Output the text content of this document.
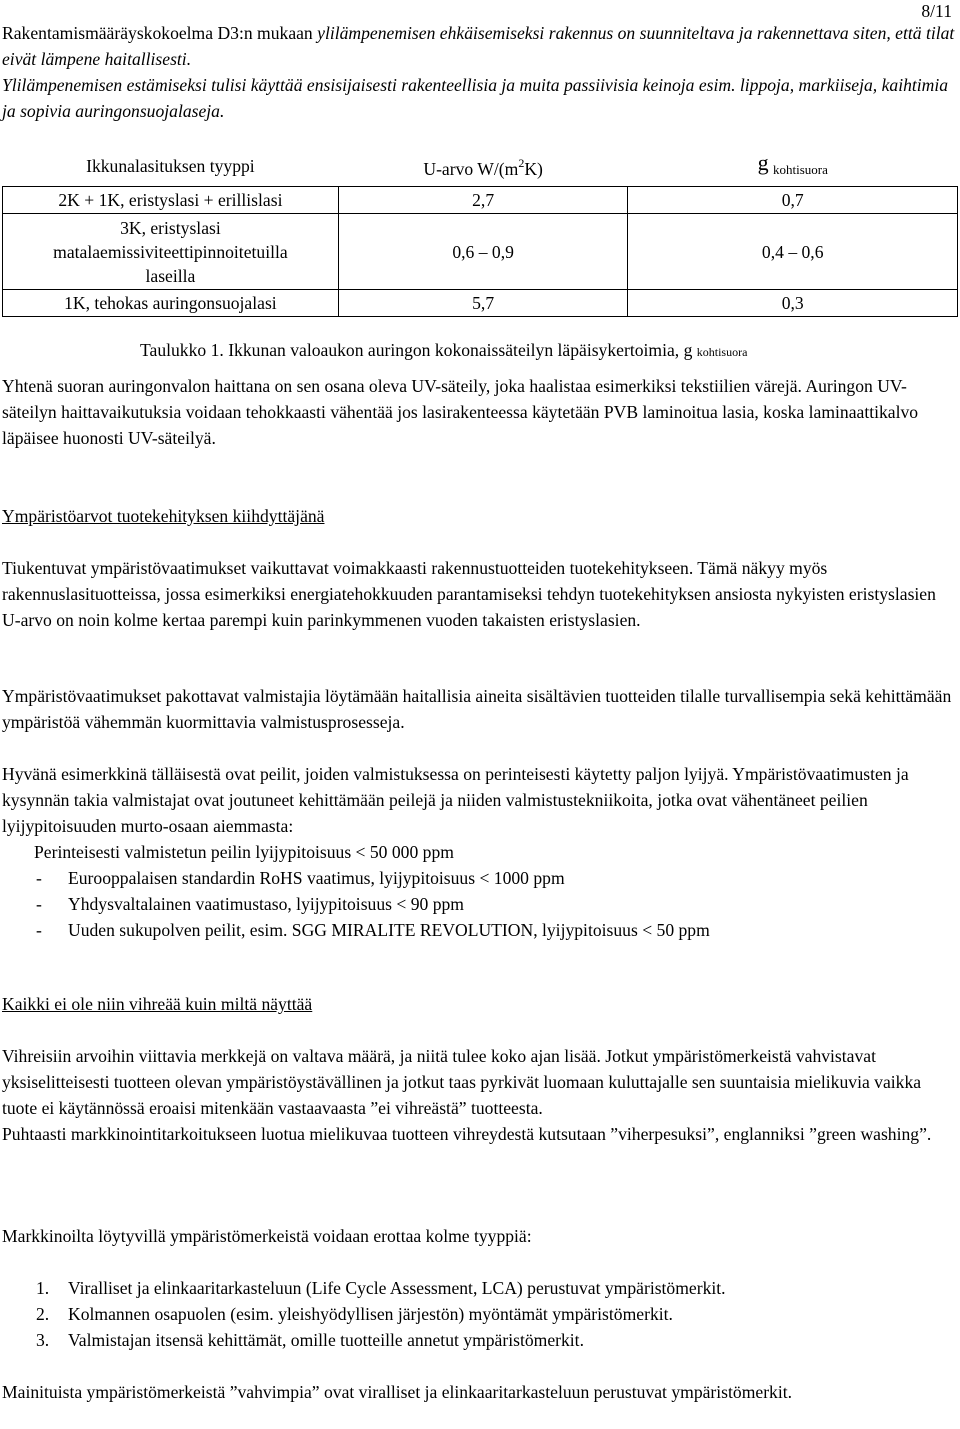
8/11
Rakentamismääräyskokoelma D3:n mukaan ylilämpenemisen ehkäisemiseksi rakennus on suunniteltava ja rakennettava siten, että tilat eivät lämpene haitallisesti.
Ylilämpenemisen estämiseksi tulisi käyttää ensisijaisesti rakenteellisia ja muita passiivisia keinoja esim. lippoja, markiiseja, kaihtimia ja sopivia auringonsuojalaseja.
Ikkunalasituksen tyyppi	U-arvo $W/(m^2K)$	g $_{kohtisuora}$
2K + 1K, eristyslasi + erillislasi	2,7	0,7
3K, eristyslasi
matalaemissiviteettipinnoitetuilla
laseilla	0,6 – 0,9	0,4 – 0,6
1K, tehokas auringonsuojalasi	5,7	0,3
Taulukko 1. Ikkunan valoaukon auringon kokonaissäteilyn läpäisykertoimia, g kohtisuora

Yhtenä suoran auringonvalon haittana on sen osana oleva UV-säteily, joka haalistaa esimerkiksi tekstiilien värejä. Auringon UV-säteilyn haittavaikutuksia voidaan tehokkaasti vähentää jos lasirakenteessa käytetään PVB laminoitua lasia, koska laminaattikalvo läpäisee huonosti UV-säteilyä.

Ympäristöarvot tuotekehityksen kiihdyttäjänä

Tiukentuvat ympäristövaatimukset vaikuttavat voimakkaasti rakennustuotteiden tuotekehitykseen. Tämä näkyy myös rakennuslasituotteissa, jossa esimerkiksi energiatehokkuuden parantamiseksi tehdyn tuotekehityksen ansiosta nykyisten eristyslasien U-arvo on noin kolme kertaa parempi kuin parinkymmenen vuoden takaisten eristyslasien.

Ympäristövaatimukset pakottavat valmistajia löytämään haitallisia aineita sisältävien tuotteiden tilalle turvallisempia sekä kehittämään ympäristöä vähemmän kuormittavia valmistusprosesseja.

Hyvänä esimerkkinä tälläisestä ovat peilit, joiden valmistuksessa on perinteisesti käytetty paljon lyijyä. Ympäristövaatimusten ja kysynnän takia valmistajat ovat joutuneet kehittämään peilejä ja niiden valmistustekniikoita, jotka ovat vähentäneet peilien lyijypitoisuuden murto-osaan aiemmasta:

Perinteisesti valmistetun peilin lyijypitoisuus < 50 000 ppm
- Eurooppalaisen standardin RoHS vaatimus, lyijypitoisuus < 1000 ppm
- Yhdysvaltalainen vaatimustaso, lyijypitoisuus < 90 ppm
- Uuden sukupolven peilit, esim. SGG MIRALITE REVOLUTION, lyijypitoisuus < 50 ppm
Kaikki ei ole niin vihreää kuin miltä näyttää

Vihreisiin arvoihin viittavia merkkejä on valtava määrä, ja niitä tulee koko ajan lisää. Jotkut ympäristömerkeistä vahvistavat yksiselitteisesti tuotteen olevan ympäristöystävällinen ja jotkut taas pyrkivät luomaan kuluttajalle sen suuntaisia mielikuvia vaikka tuote ei käytännössä eroaisi mitenkään vastaavaasta ”ei vihreästä” tuotteesta.

Puhtaasti markkinointitarkoitukseen luotua mielikuvaa tuotteen vihreydestä kutsutaan ”viherpesuksi”, englanniksi ”green washing”.

Markkinoilta löytyvillä ympäristömerkeistä voidaan erottaa kolme tyyppiä:

1. Viralliset ja elinkaaritarkasteluun (Life Cycle Assessment, LCA) perustuvat ympäristömerkit.
2. Kolmannen osapuolen (esim. yleishyödyllisen järjestön) myöntämät ympäristömerkit.
3. Valmistajan itsensä kehittämät, omille tuotteille annetut ympäristömerkit.

Mainituista ympäristömerkeistä ”vahvimpia” ovat viralliset ja elinkaaritarkasteluun perustuvat ympäristömerkit.
